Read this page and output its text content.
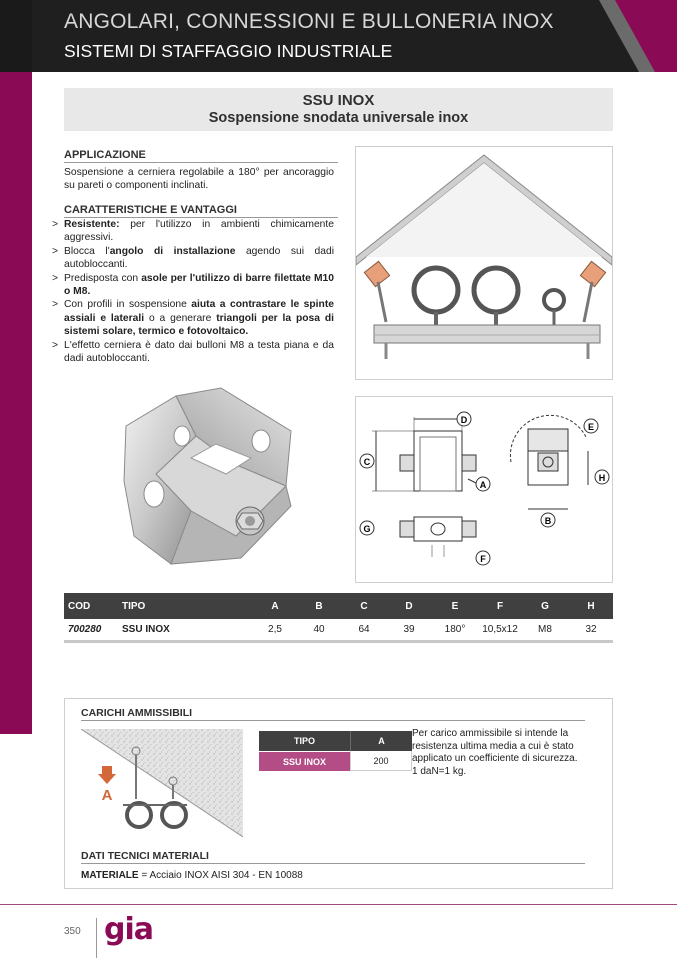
ANGOLARI, CONNESSIONI E BULLONERIA INOX
SISTEMI DI STAFFAGGIO INDUSTRIALE
SSU INOX
Sospensione snodata universale inox
APPLICAZIONE
Sospensione a cerniera regolabile a 180° per ancoraggio su pareti o componenti inclinati.
CARATTERISTICHE E VANTAGGI
> Resistente: per l'utilizzo in ambienti chimicamente aggressivi.
> Blocca l'angolo di installazione agendo sui dadi autobloccanti.
> Predisposta con asole per l'utilizzo di barre filettate M10 o M8.
> Con profili in sospensione aiuta a contrastare le spinte assiali e laterali o a generare triangoli per la posa di sistemi solare, termico e fotovoltaico.
> L'effetto cerniera è dato dai bulloni M8 a testa piana e da dadi autobloccanti.
D
C
A
G
F
E
H
B
COD	TIPO	A	B	C	D	E	F	G	H
700280 SSU INOX	2,5	40	64	39	180°	10,5x12	M8	32
CARICHI AMMISSIBILI
A
TIPO	A
SSU INOX	200
Per carico ammissibile si intende la resistenza ultima media a cui è stato applicato un coefficiente di sicurezza.
1 daN=1 kg.
DATI TECNICI MATERIALI
MATERIALE = Acciaio INOX AISI 304 - EN 10088
350 gia
